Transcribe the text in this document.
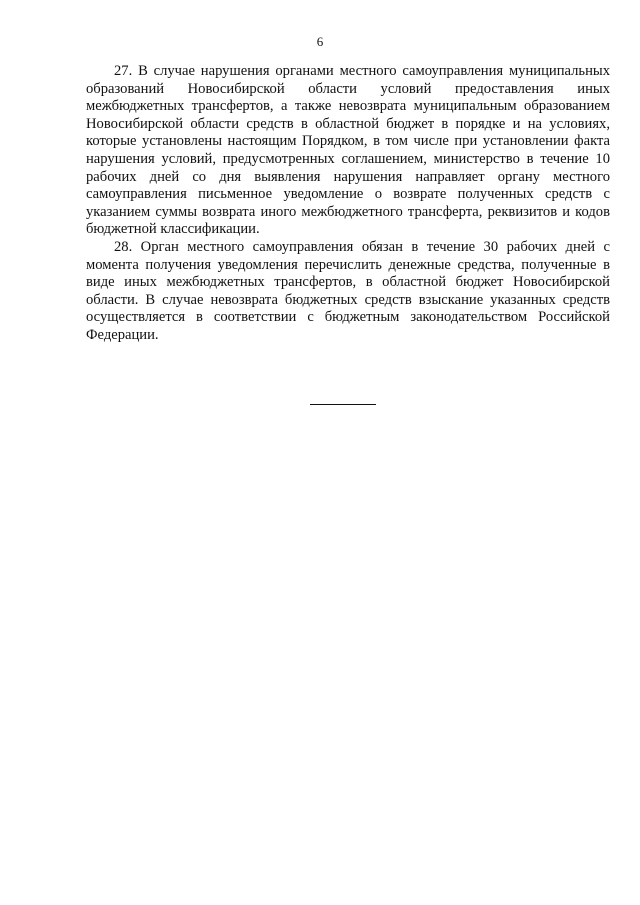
6

27. В случае нарушения органами местного самоуправления муниципальных образований Новосибирской области условий предоставления иных межбюджетных трансфертов, а также невозврата муниципальным образованием Новосибирской области средств в областной бюджет в порядке и на условиях, которые установлены настоящим Порядком, в том числе при установлении факта нарушения условий, предусмотренных соглашением, министерство в течение 10 рабочих дней со дня выявления нарушения направляет органу местного самоуправления письменное уведомление о возврате полученных средств с указанием суммы возврата иного межбюджетного трансферта, реквизитов и кодов бюджетной классификации.

28. Орган местного самоуправления обязан в течение 30 рабочих дней с момента получения уведомления перечислить денежные средства, полученные в виде иных межбюджетных трансфертов, в областной бюджет Новосибирской области. В случае невозврата бюджетных средств взыскание указанных средств осуществляется в соответствии с бюджетным законодательством Российской Федерации.
